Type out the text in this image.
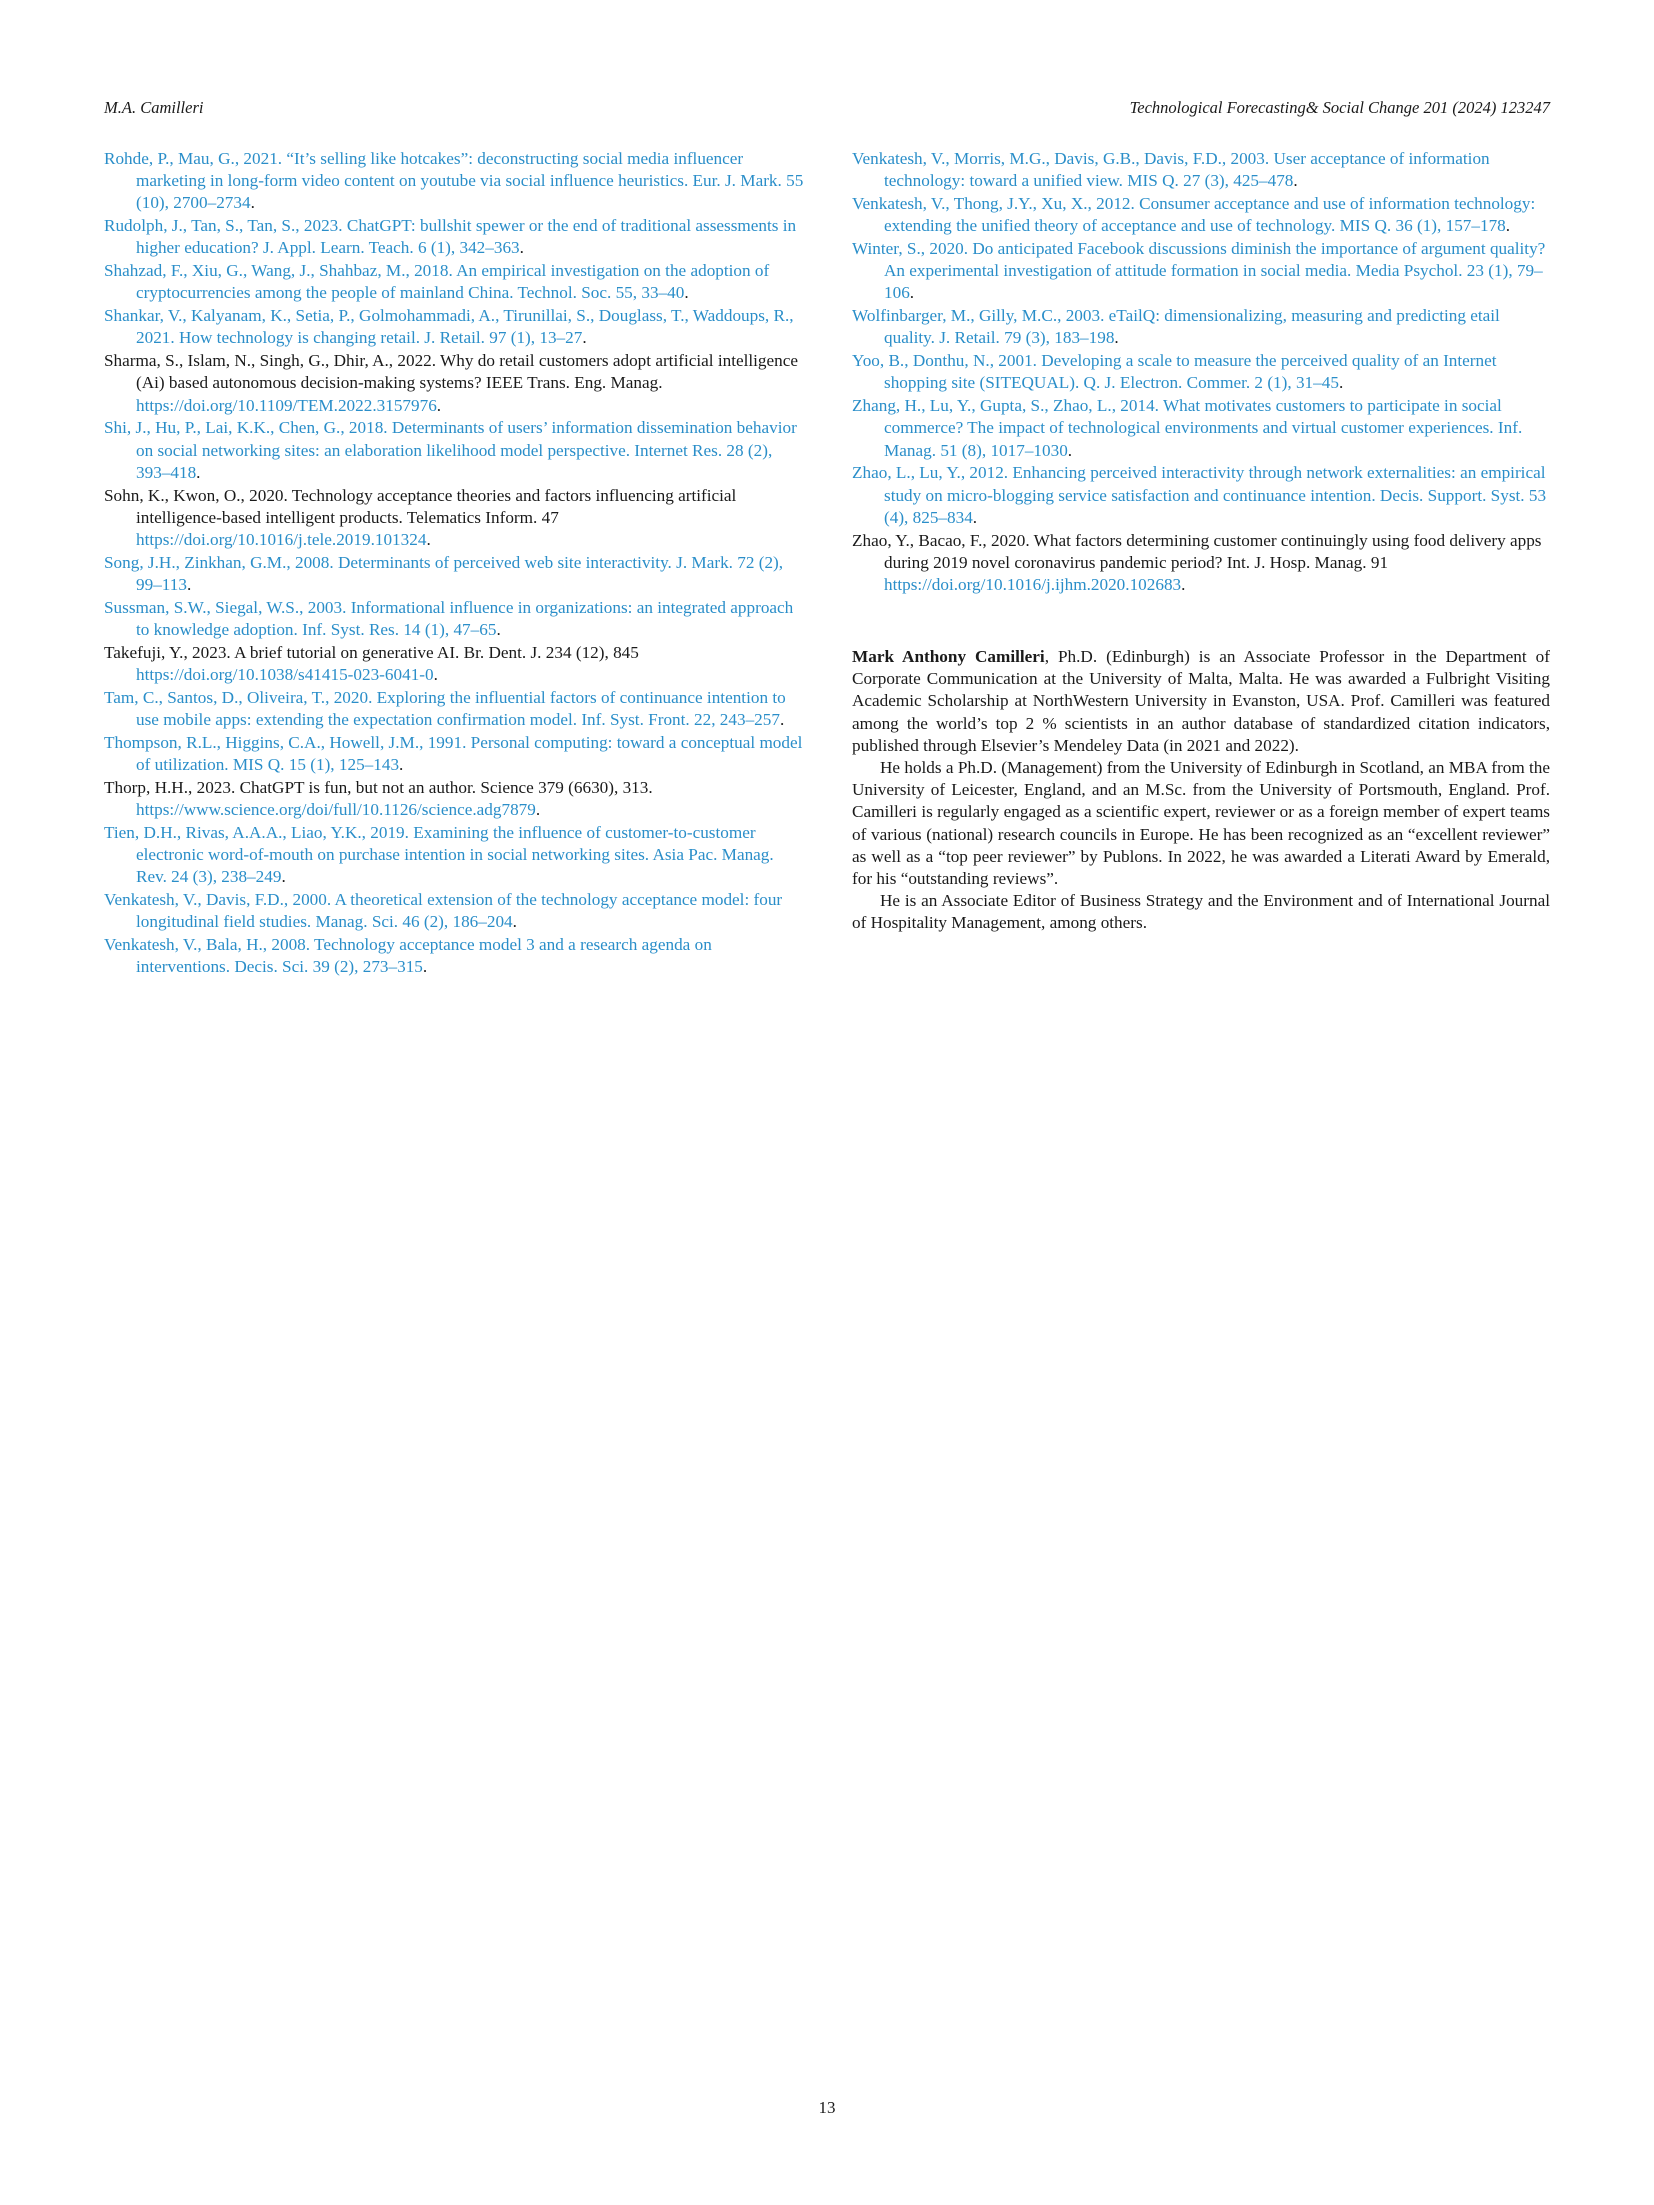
M.A. Camilleri	Technological Forecasting& Social Change 201 (2024) 123247
Rohde, P., Mau, G., 2021. “It’s selling like hotcakes”: deconstructing social media influencer marketing in long-form video content on youtube via social influence heuristics. Eur. J. Mark. 55 (10), 2700–2734.
Rudolph, J., Tan, S., Tan, S., 2023. ChatGPT: bullshit spewer or the end of traditional assessments in higher education? J. Appl. Learn. Teach. 6 (1), 342–363.
Shahzad, F., Xiu, G., Wang, J., Shahbaz, M., 2018. An empirical investigation on the adoption of cryptocurrencies among the people of mainland China. Technol. Soc. 55, 33–40.
Shankar, V., Kalyanam, K., Setia, P., Golmohammadi, A., Tirunillai, S., Douglass, T., Waddoups, R., 2021. How technology is changing retail. J. Retail. 97 (1), 13–27.
Sharma, S., Islam, N., Singh, G., Dhir, A., 2022. Why do retail customers adopt artificial intelligence (Ai) based autonomous decision-making systems? IEEE Trans. Eng. Manag. https://doi.org/10.1109/TEM.2022.3157976.
Shi, J., Hu, P., Lai, K.K., Chen, G., 2018. Determinants of users’ information dissemination behavior on social networking sites: an elaboration likelihood model perspective. Internet Res. 28 (2), 393–418.
Sohn, K., Kwon, O., 2020. Technology acceptance theories and factors influencing artificial intelligence-based intelligent products. Telematics Inform. 47 https://doi.org/10.1016/j.tele.2019.101324.
Song, J.H., Zinkhan, G.M., 2008. Determinants of perceived web site interactivity. J. Mark. 72 (2), 99–113.
Sussman, S.W., Siegal, W.S., 2003. Informational influence in organizations: an integrated approach to knowledge adoption. Inf. Syst. Res. 14 (1), 47–65.
Takefuji, Y., 2023. A brief tutorial on generative AI. Br. Dent. J. 234 (12), 845 https://doi.org/10.1038/s41415-023-6041-0.
Tam, C., Santos, D., Oliveira, T., 2020. Exploring the influential factors of continuance intention to use mobile apps: extending the expectation confirmation model. Inf. Syst. Front. 22, 243–257.
Thompson, R.L., Higgins, C.A., Howell, J.M., 1991. Personal computing: toward a conceptual model of utilization. MIS Q. 15 (1), 125–143.
Thorp, H.H., 2023. ChatGPT is fun, but not an author. Science 379 (6630), 313. https://www.science.org/doi/full/10.1126/science.adg7879.
Tien, D.H., Rivas, A.A.A., Liao, Y.K., 2019. Examining the influence of customer-to-customer electronic word-of-mouth on purchase intention in social networking sites. Asia Pac. Manag. Rev. 24 (3), 238–249.
Venkatesh, V., Davis, F.D., 2000. A theoretical extension of the technology acceptance model: four longitudinal field studies. Manag. Sci. 46 (2), 186–204.
Venkatesh, V., Bala, H., 2008. Technology acceptance model 3 and a research agenda on interventions. Decis. Sci. 39 (2), 273–315.
Venkatesh, V., Morris, M.G., Davis, G.B., Davis, F.D., 2003. User acceptance of information technology: toward a unified view. MIS Q. 27 (3), 425–478.
Venkatesh, V., Thong, J.Y., Xu, X., 2012. Consumer acceptance and use of information technology: extending the unified theory of acceptance and use of technology. MIS Q. 36 (1), 157–178.
Winter, S., 2020. Do anticipated Facebook discussions diminish the importance of argument quality? An experimental investigation of attitude formation in social media. Media Psychol. 23 (1), 79–106.
Wolfinbarger, M., Gilly, M.C., 2003. eTailQ: dimensionalizing, measuring and predicting etail quality. J. Retail. 79 (3), 183–198.
Yoo, B., Donthu, N., 2001. Developing a scale to measure the perceived quality of an Internet shopping site (SITEQUAL). Q. J. Electron. Commer. 2 (1), 31–45.
Zhang, H., Lu, Y., Gupta, S., Zhao, L., 2014. What motivates customers to participate in social commerce? The impact of technological environments and virtual customer experiences. Inf. Manag. 51 (8), 1017–1030.
Zhao, L., Lu, Y., 2012. Enhancing perceived interactivity through network externalities: an empirical study on micro-blogging service satisfaction and continuance intention. Decis. Support. Syst. 53 (4), 825–834.
Zhao, Y., Bacao, F., 2020. What factors determining customer continuingly using food delivery apps during 2019 novel coronavirus pandemic period? Int. J. Hosp. Manag. 91 https://doi.org/10.1016/j.ijhm.2020.102683.

Mark Anthony Camilleri, Ph.D. (Edinburgh) is an Associate Professor in the Department of Corporate Communication at the University of Malta, Malta. He was awarded a Fulbright Visiting Academic Scholarship at NorthWestern University in Evanston, USA. Prof. Camilleri was featured among the world’s top 2 % scientists in an author database of standardized citation indicators, published through Elsevier’s Mendeley Data (in 2021 and 2022).

He holds a Ph.D. (Management) from the University of Edinburgh in Scotland, an MBA from the University of Leicester, England, and an M.Sc. from the University of Portsmouth, England. Prof. Camilleri is regularly engaged as a scientific expert, reviewer or as a foreign member of expert teams of various (national) research councils in Europe. He has been recognized as an “excellent reviewer” as well as a “top peer reviewer” by Publons. In 2022, he was awarded a Literati Award by Emerald, for his “outstanding reviews”.

He is an Associate Editor of Business Strategy and the Environment and of International Journal of Hospitality Management, among others.

13
